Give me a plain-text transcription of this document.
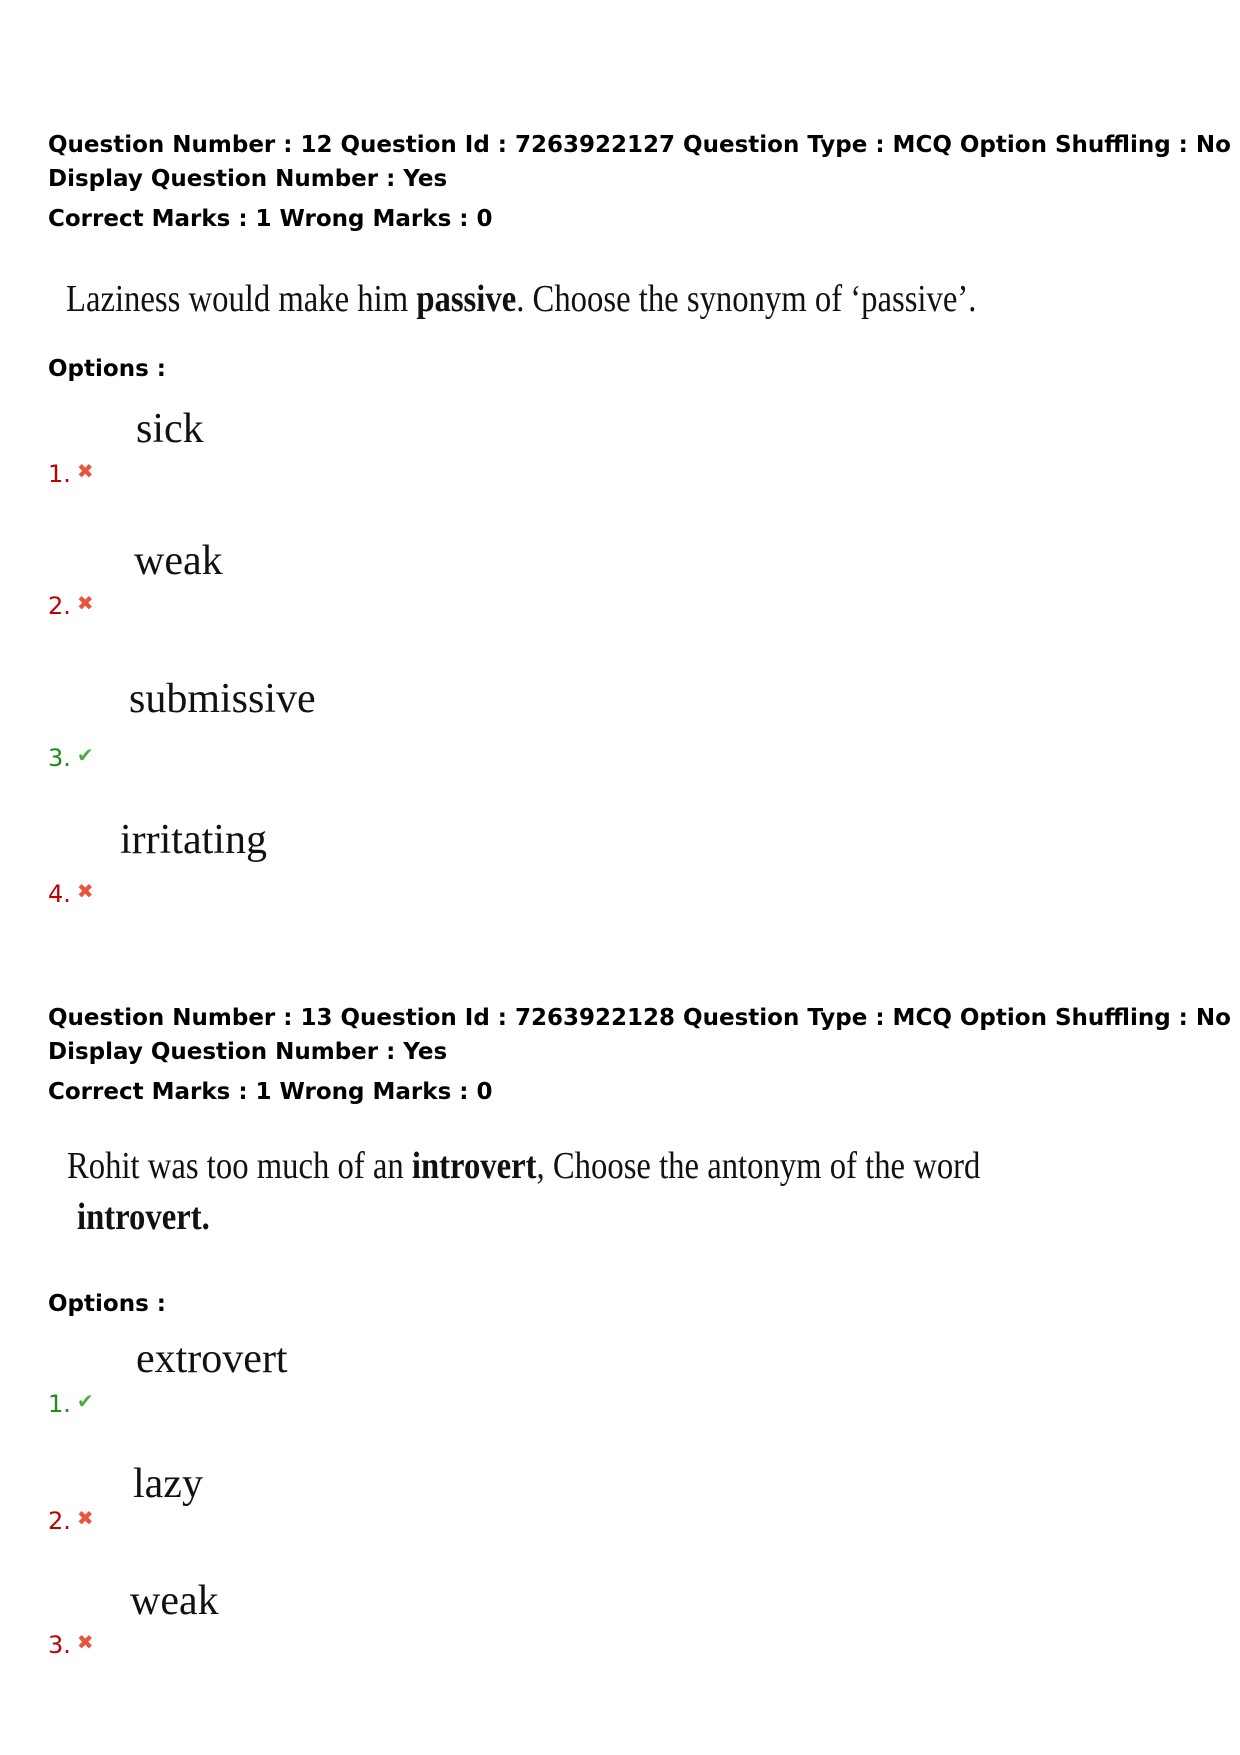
Question Number : 12 Question Id : 7263922127 Question Type : MCQ Option Shuffling : No
Display Question Number : Yes
Correct Marks : 1 Wrong Marks : 0
Laziness would make him passive. Choose the synonym of ‘passive’.
Options :
sick
1. ✖
weak
2. ✖
submissive
3. ✔
irritating
4. ✖
Question Number : 13 Question Id : 7263922128 Question Type : MCQ Option Shuffling : No
Display Question Number : Yes
Correct Marks : 1 Wrong Marks : 0
Rohit was too much of an introvert, Choose the antonym of the word
introvert.
Options :
extrovert
1. ✔
lazy
2. ✖
weak
3. ✖
